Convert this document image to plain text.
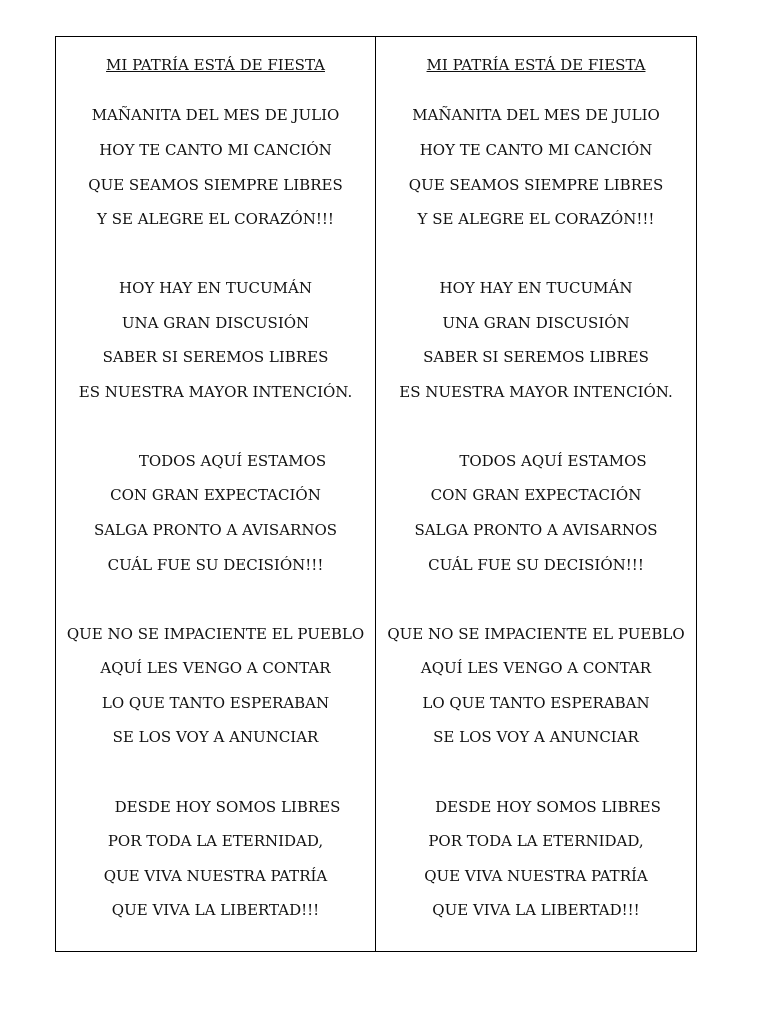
MI PATRÍA ESTÁ DE FIESTA
MAÑANITA DEL MES DE JULIO
HOY TE CANTO MI CANCIÓN
QUE SEAMOS SIEMPRE LIBRES
Y SE ALEGRE EL CORAZÓN!!!
HOY HAY EN TUCUMÁN
UNA GRAN DISCUSIÓN
SABER SI SEREMOS LIBRES
ES NUESTRA MAYOR INTENCIÓN.
TODOS AQUÍ ESTAMOS
CON GRAN EXPECTACIÓN
SALGA PRONTO A AVISARNOS
CUÁL FUE SU DECISIÓN!!!
QUE NO SE IMPACIENTE EL PUEBLO
AQUÍ LES VENGO A CONTAR
LO QUE TANTO ESPERABAN
SE LOS VOY A ANUNCIAR
DESDE HOY SOMOS LIBRES
POR TODA LA ETERNIDAD,
QUE VIVA NUESTRA PATRÍA
QUE VIVA LA LIBERTAD!!!
MI PATRÍA ESTÁ DE FIESTA
MAÑANITA DEL MES DE JULIO
HOY TE CANTO MI CANCIÓN
QUE SEAMOS SIEMPRE LIBRES
Y SE ALEGRE EL CORAZÓN!!!
HOY HAY EN TUCUMÁN
UNA GRAN DISCUSIÓN
SABER SI SEREMOS LIBRES
ES NUESTRA MAYOR INTENCIÓN.
TODOS AQUÍ ESTAMOS
CON GRAN EXPECTACIÓN
SALGA PRONTO A AVISARNOS
CUÁL FUE SU DECISIÓN!!!
QUE NO SE IMPACIENTE EL PUEBLO
AQUÍ LES VENGO A CONTAR
LO QUE TANTO ESPERABAN
SE LOS VOY A ANUNCIAR
DESDE HOY SOMOS LIBRES
POR TODA LA ETERNIDAD,
QUE VIVA NUESTRA PATRÍA
QUE VIVA LA LIBERTAD!!!
